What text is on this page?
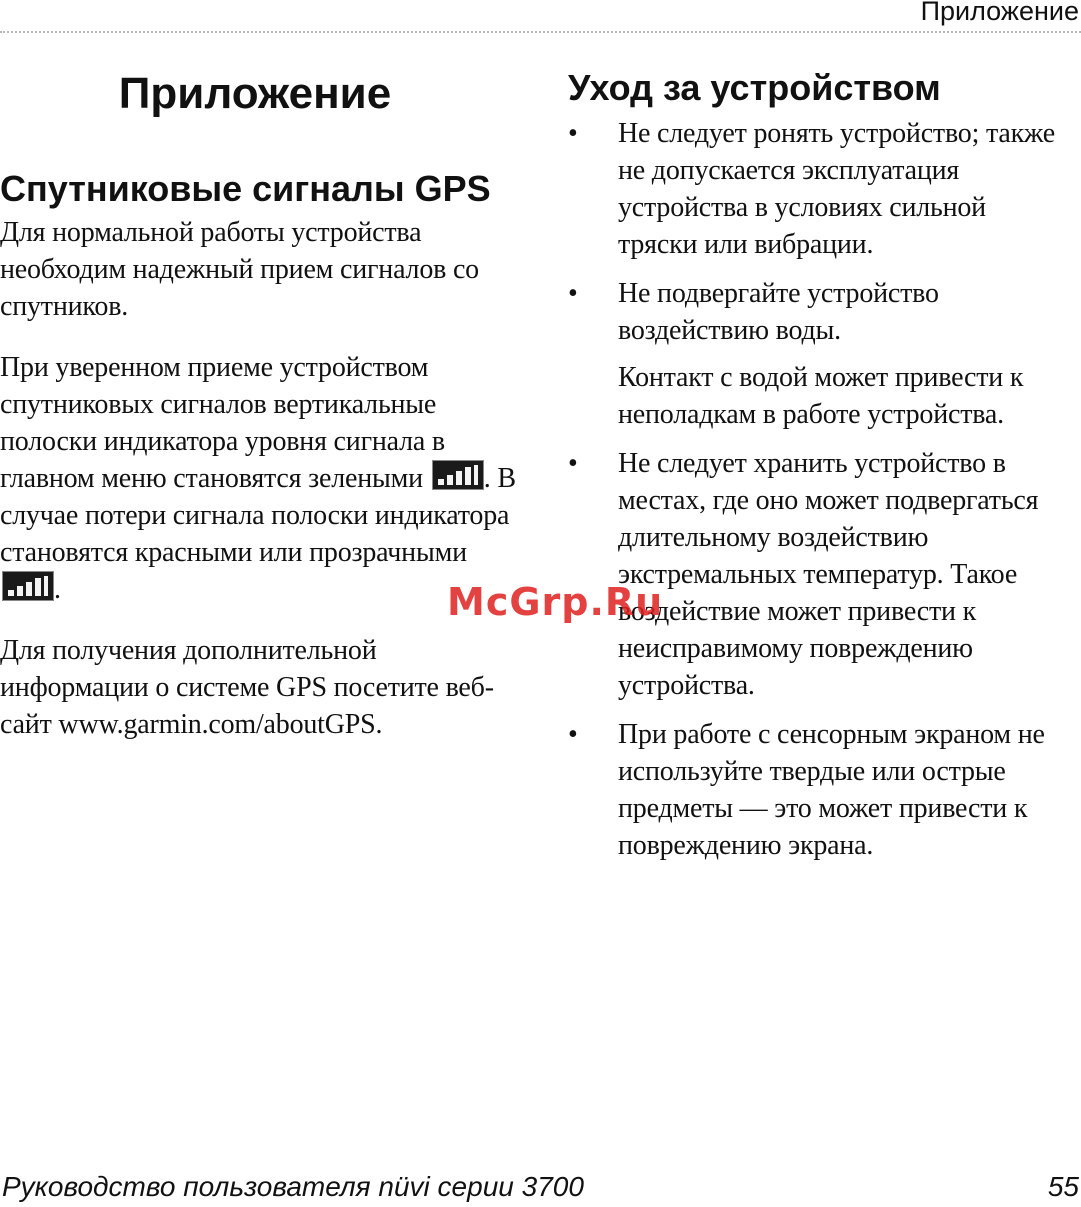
Приложение
Приложение
Спутниковые сигналы GPS

Для нормальной работы устройства необходим надежный прием сигналов со спутников.

При уверенном приеме устройством спутниковых сигналов вертикальные полоски индикатора уровня сигнала в главном меню становятся зелеными . В случае потери сигнала полоски индикатора становятся красными или прозрачными
.

Для получения дополнительной информации о системе GPS посетите веб-сайт www.garmin.com/aboutGPS.

Уход за устройством
• Не следует ронять устройство; также не допускается эксплуатация устройства в условиях сильной тряски или вибрации.

• Не подвергайте устройство воздействию воды.

Контакт с водой может привести к неполадкам в работе устройства.

• Не следует хранить устройство в местах, где оно может подвергаться длительному воздействию экстремальных температур. Такое воздействие может привести к неисправимому повреждению устройства.

• При работе с сенсорным экраном не используйте твердые или острые предметы — это может привести к повреждению экрана.

McGrp.Ru
Руководство пользователя nüvi серии 3700	55
